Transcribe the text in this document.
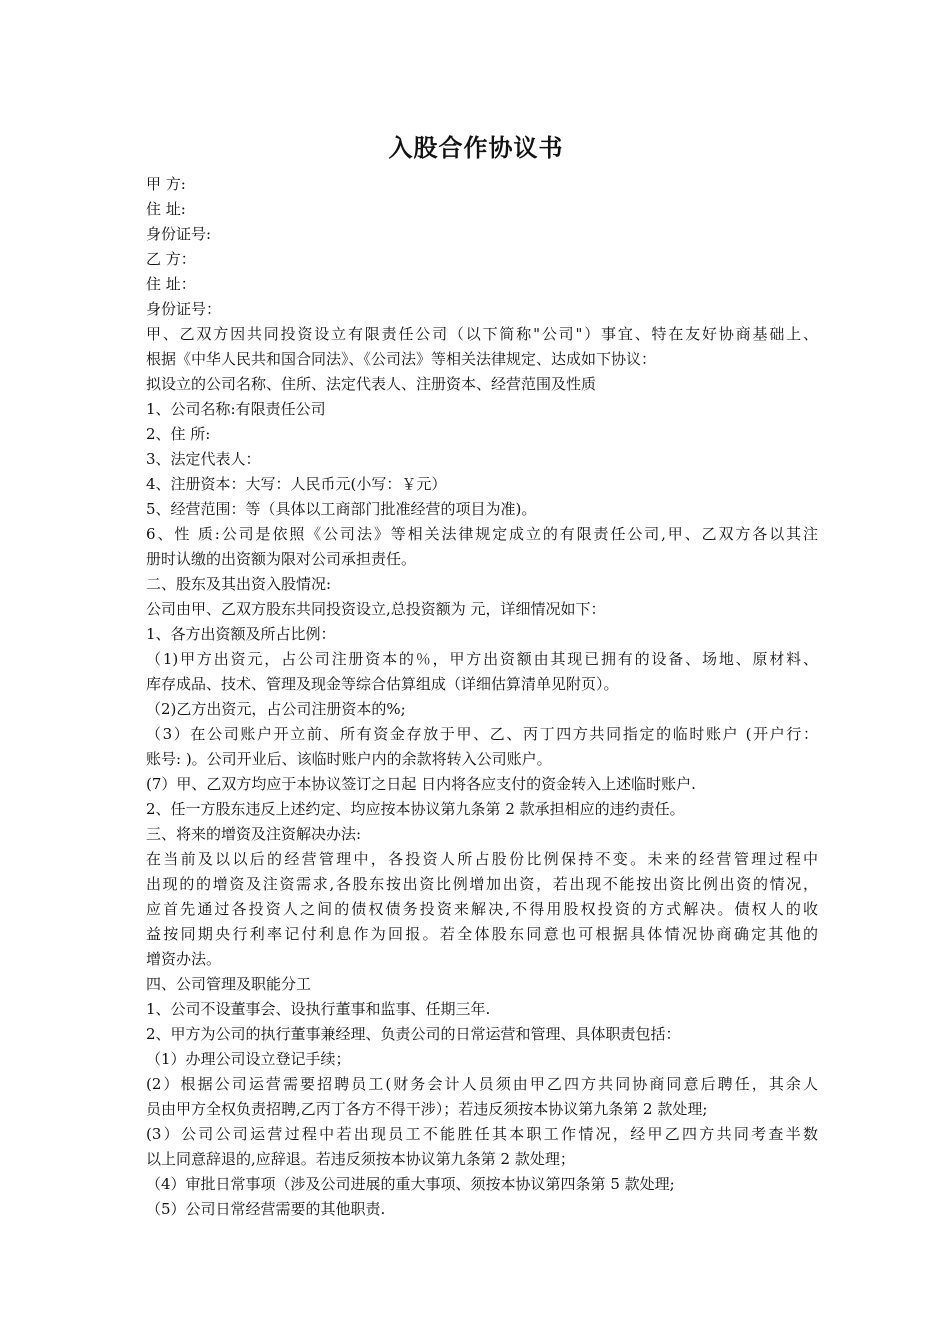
入股合作协议书
甲 方:
住 址:
身份证号:
乙 方：
住 址：
身份证号：
甲、乙双方因共同投资设立有限责任公司（以下简称"公司"）事宜、特在友好协商基础上、
根据《中华人民共和国合同法》、《公司法》等相关法律规定、达成如下协议：
拟设立的公司名称、住所、法定代表人、注册资本、经营范围及性质
1、公司名称:有限责任公司
2、住 所:
3、法定代表人：
4、注册资本：大写：人民币元(小写：￥元）
5、经营范围：等（具体以工商部门批准经营的项目为准)。
6、性 质:公司是依照《公司法》等相关法律规定成立的有限责任公司,甲、乙双方各以其注
册时认缴的出资额为限对公司承担责任。
二、股东及其出资入股情况:
公司由甲、乙双方股东共同投资设立,总投资额为 元，详细情况如下：
1、各方出资额及所占比例：
（1)甲方出资元，占公司注册资本的％，甲方出资额由其现已拥有的设备、场地、原材料、
库存成品、技术、管理及现金等综合估算组成（详细估算清单见附页）。
（2)乙方出资元，占公司注册资本的%;
（3）在公司账户开立前、所有资金存放于甲、乙、丙丁四方共同指定的临时账户 (开户行：
账号: )。公司开业后、该临时账户内的余款将转入公司账户。
(7）甲、乙双方均应于本协议签订之日起 日内将各应支付的资金转入上述临时账户.
2、任一方股东违反上述约定、均应按本协议第九条第 2 款承担相应的违约责任。
三、将来的增资及注资解决办法:
在当前及以以后的经营管理中，各投资人所占股份比例保持不变。未来的经营管理过程中
出现的的增资及注资需求,各股东按出资比例增加出资，若出现不能按出资比例出资的情况，
应首先通过各投资人之间的债权债务投资来解决,不得用股权投资的方式解决。债权人的收
益按同期央行利率记付利息作为回报。若全体股东同意也可根据具体情况协商确定其他的
增资办法。
四、公司管理及职能分工
1、公司不设董事会、设执行董事和监事、任期三年.
2、甲方为公司的执行董事兼经理、负责公司的日常运营和管理、具体职责包括：
（1）办理公司设立登记手续；
(2）根据公司运营需要招聘员工(财务会计人员须由甲乙四方共同协商同意后聘任，其余人
员由甲方全权负责招聘,乙丙丁各方不得干涉）；若违反须按本协议第九条第 2 款处理;
(3）公司公司运营过程中若出现员工不能胜任其本职工作情况，经甲乙四方共同考查半数
以上同意辞退的,应辞退。若违反须按本协议第九条第 2 款处理；
（4）审批日常事项（涉及公司进展的重大事项、须按本协议第四条第 5 款处理;
（5）公司日常经营需要的其他职责.
